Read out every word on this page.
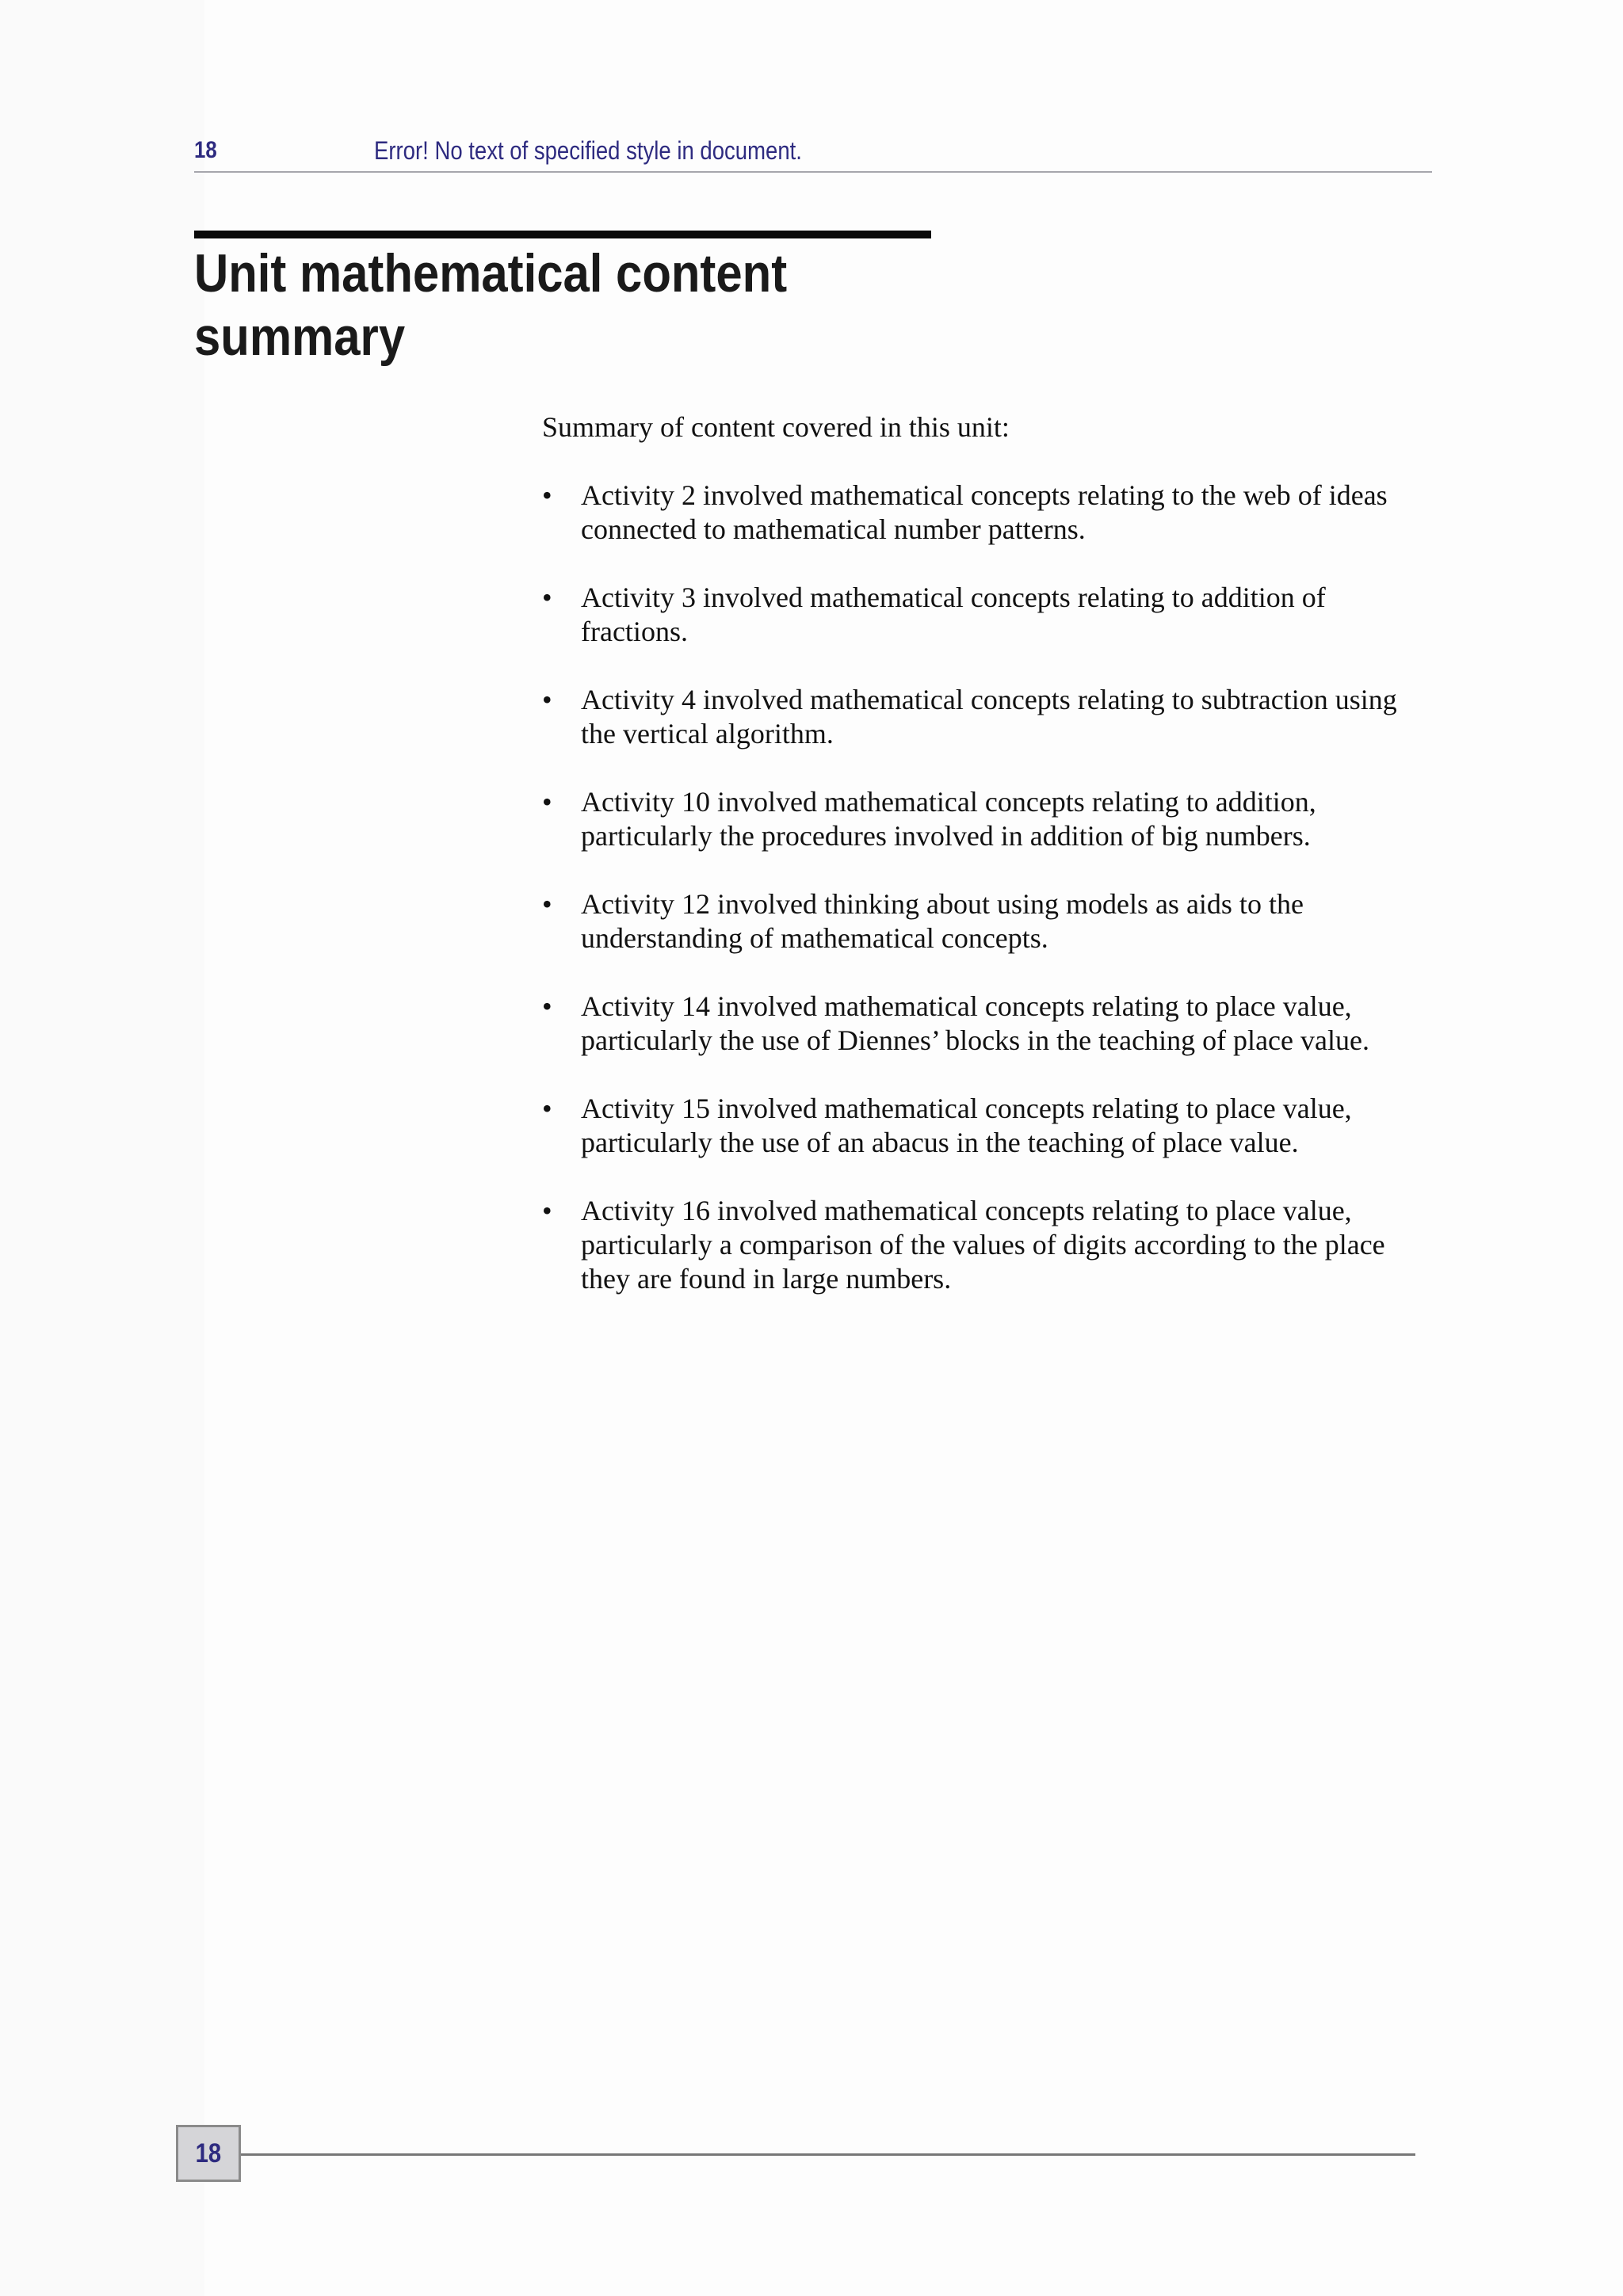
18	Error! No text of specified style in document.
Unit mathematical content
summary

Summary of content covered in this unit:

•	Activity 2 involved mathematical concepts relating to the web of ideas connected to mathematical number patterns.
•	Activity 3 involved mathematical concepts relating to addition of fractions.
•	Activity 4 involved mathematical concepts relating to subtraction using the vertical algorithm.
•	Activity 10 involved mathematical concepts relating to addition, particularly the procedures involved in addition of big numbers.
•	Activity 12 involved thinking about using models as aids to the understanding of mathematical concepts.
•	Activity 14 involved mathematical concepts relating to place value, particularly the use of Diennes’ blocks in the teaching of place value.
•	Activity 15 involved mathematical concepts relating to place value, particularly the use of an abacus in the teaching of place value.
•	Activity 16 involved mathematical concepts relating to place value, particularly a comparison of the values of digits according to the place they are found in large numbers.
18
